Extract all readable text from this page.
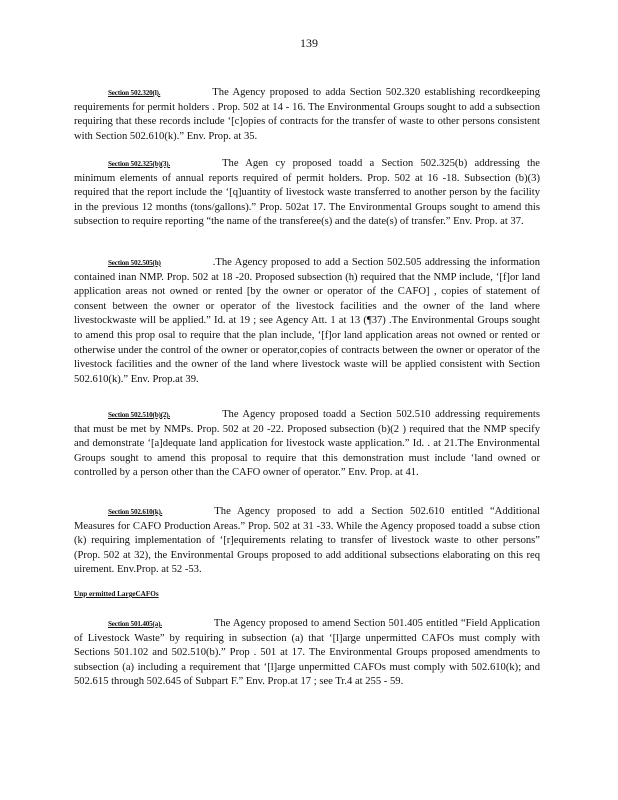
139
Section 502.320(l).	The Agency proposed to adda Section 502.320 establishing recordkeeping requirements for permit holders . Prop. 502 at 14 - 16. The Environmental Groups sought to add a subsection requiring that these records include ‘[c]opies of contracts for the transfer of waste to other persons consistent with Section 502.610(k).” Env. Prop. at 35.
Section 502.325(b)(3).	The Agen cy proposed toadd a Section 502.325(b) addressing the minimum elements of annual reports required of permit holders. Prop. 502 at 16 -18. Subsection (b)(3) required that the report include the ‘[q]uantity of livestock waste transferred to another person by the facility in the previous 12 months (tons/gallons).” Prop. 502at 17. The Environmental Groups sought to amend this subsection to require reporting “the name of the transferee(s) and the date(s) of transfer.” Env. Prop. at 37.
Section 502.505(h)	.The Agency proposed to add a Section 502.505 addressing the information contained inan NMP. Prop. 502 at 18 -20. Proposed subsection (h) required that the NMP include, ‘[f]or land application areas not owned or rented [by the owner or operator of the CAFO] , copies of statement of consent between the owner or operator of the livestock facilities and the owner of the land where livestockwaste will be applied.” Id. at 19 ; see Agency Att. 1 at 13 (¶37) .The Environmental Groups sought to amend this prop osal to require that the plan include, ‘[f]or land application areas not owned or rented or otherwise under the control of the owner or operator,copies of contracts between the owner or operator of the livestock facilities and the owner of the land where livestock waste will be applied consistent with Section 502.610(k).” Env. Prop.at 39.
Section 502.510(b)(2).	The Agency proposed toadd a Section 502.510 addressing requirements that must be met by NMPs. Prop. 502 at 20 -22. Proposed subsection (b)(2 ) required that the NMP specify and demonstrate ‘[a]dequate land application for livestock waste application.” Id. . at 21.The Environmental Groups sought to amend this proposal to require that this demonstration must include ‘land owned or controlled by a person other than the CAFO owner of operator.” Env. Prop. at 41.
Section 502.610(k).	The Agency proposed to add a Section 502.610 entitled “Additional Measures for CAFO Production Areas.” Prop. 502 at 31 -33. While the Agency proposed toadd a subse ction (k) requiring implementation of ‘[r]equirements relating to transfer of livestock waste to other persons” (Prop. 502 at 32), the Environmental Groups proposed to add additional subsections elaborating on this req uirement. Env.Prop. at 52 -53.
Unp ermitted LargeCAFOs
Section 501.405(a).	The Agency proposed to amend Section 501.405 entitled “Field Application of Livestock Waste” by requiring in subsection (a) that ‘[l]arge unpermitted CAFOs must comply with Sections 501.102 and 502.510(b).” Prop . 501 at 17. The Environmental Groups proposed amendments to subsection (a) including a requirement that ‘[l]arge unpermitted CAFOs must comply with 502.610(k); and 502.615 through 502.645 of Subpart F.” Env. Prop.at 17 ; see Tr.4 at 255 - 59.
